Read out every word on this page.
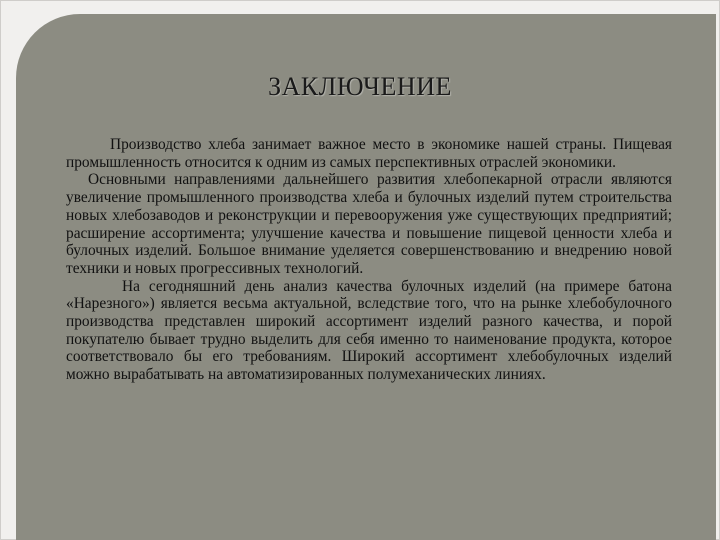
ЗАКЛЮЧЕНИЕ

Производство хлеба занимает важное место в экономике нашей страны. Пищевая промышленность относится к одним из самых перспективных отраслей экономики.

Основными направлениями дальнейшего развития хлебопекарной отрасли являются увеличение промышленного производства хлеба и булочных изделий путем строительства новых хлебозаводов и реконструкции и перевооружения уже существующих предприятий; расширение ассортимента; улучшение качества и повышение пищевой ценности хлеба и булочных изделий. Большое внимание уделяется совершенствованию и внедрению новой техники и новых прогрессивных технологий.

На сегодняшний день анализ качества булочных изделий (на примере батона «Нарезного») является весьма актуальной, вследствие того, что на рынке хлебобулочного производства представлен широкий ассортимент изделий разного качества, и порой покупателю бывает трудно выделить для себя именно то наименование продукта, которое соответствовало бы его требованиям. Широкий ассортимент хлебобулочных изделий можно вырабатывать на автоматизированных полумеханических линиях.
